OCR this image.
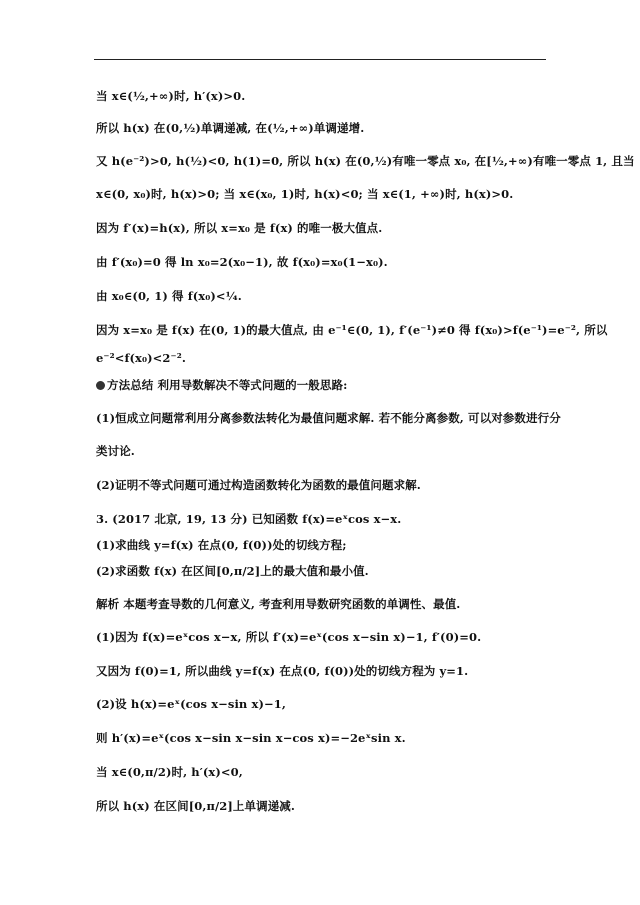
当 x∈(½,+∞)时, h′(x)>0.
所以 h(x) 在(0,½)单调递减, 在(½,+∞)单调递增.
又 h(e⁻²)>0, h(½)<0, h(1)=0, 所以 h(x) 在(0,½)有唯一零点 x₀, 在[½,+∞)有唯一零点 1, 且当
x∈(0, x₀)时, h(x)>0; 当 x∈(x₀, 1)时, h(x)<0; 当 x∈(1, +∞)时, h(x)>0.
因为 f′(x)=h(x), 所以 x=x₀ 是 f(x) 的唯一极大值点.
由 f′(x₀)=0 得 ln x₀=2(x₀−1), 故 f(x₀)=x₀(1−x₀).
由 x₀∈(0, 1) 得 f(x₀)<¼.
因为 x=x₀ 是 f(x) 在(0, 1)的最大值点, 由 e⁻¹∈(0, 1), f′(e⁻¹)≠0 得 f(x₀)>f(e⁻¹)=e⁻², 所以
e⁻²<f(x₀)<2⁻².
方法总结 利用导数解决不等式问题的一般思路:
(1)恒成立问题常利用分离参数法转化为最值问题求解. 若不能分离参数, 可以对参数进行分
类讨论.
(2)证明不等式问题可通过构造函数转化为函数的最值问题求解.
3. (2017 北京, 19, 13 分) 已知函数 f(x)=eˣcos x−x.
(1)求曲线 y=f(x) 在点(0, f(0))处的切线方程;
(2)求函数 f(x) 在区间[0,π/2]上的最大值和最小值.
解析 本题考查导数的几何意义, 考查利用导数研究函数的单调性、最值.
(1)因为 f(x)=eˣcos x−x, 所以 f′(x)=eˣ(cos x−sin x)−1, f′(0)=0.
又因为 f(0)=1, 所以曲线 y=f(x) 在点(0, f(0))处的切线方程为 y=1.
(2)设 h(x)=eˣ(cos x−sin x)−1,
则 h′(x)=eˣ(cos x−sin x−sin x−cos x)=−2eˣsin x.
当 x∈(0,π/2)时, h′(x)<0,
所以 h(x) 在区间[0,π/2]上单调递减.
